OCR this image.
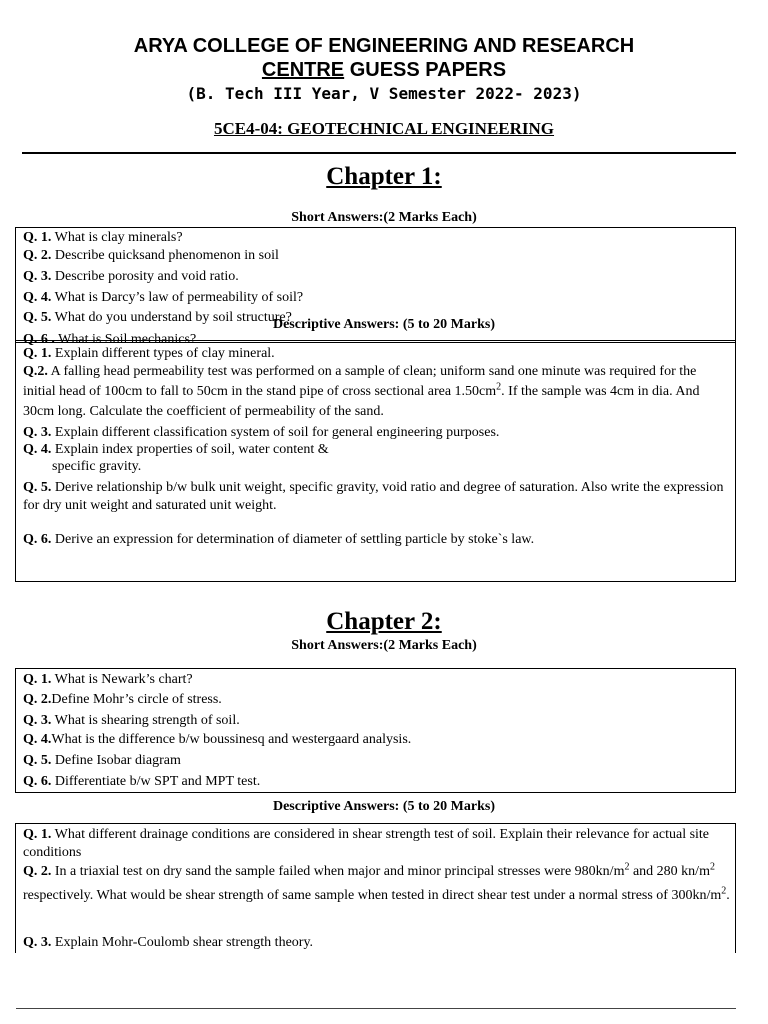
ARYA COLLEGE OF ENGINEERING AND RESEARCH
CENTRE GUESS PAPERS
(B. Tech III Year, V Semester 2022- 2023)
5CE4-04: GEOTECHNICAL ENGINEERING
Chapter 1:
Short Answers:(2 Marks Each)
Q. 1. What is clay minerals?
Q. 2. Describe quicksand phenomenon in soil
Q. 3. Describe porosity and void ratio.
Q. 4. What is Darcy’s law of permeability of soil?
Q. 5. What do you understand by soil structure?
Q. 6 . What is Soil mechanics?
Descriptive Answers: (5 to 20 Marks)
Q. 1. Explain different types of clay mineral.
Q.2. A falling head permeability test was performed on a sample of clean; uniform sand one minute was required for the initial head of 100cm to fall to 50cm in the stand pipe of cross sectional area $1.50cm^2$. If the sample was 4cm in dia. And 30cm long. Calculate the coefficient of permeability of the sand.
Q. 3. Explain different classification system of soil for general engineering purposes.
Q. 4. Explain index properties of soil, water content &
specific gravity.
Q. 5. Derive relationship b/w bulk unit weight, specific gravity, void ratio and degree of saturation. Also write the expression for dry unit weight and saturated unit weight.
Q. 6. Derive an expression for determination of diameter of settling particle by stoke`s law.
Chapter 2:
Short Answers:(2 Marks Each)
Q. 1. What is Newark’s chart?
Q. 2.Define Mohr’s circle of stress.
Q. 3. What is shearing strength of soil.
Q. 4.What is the difference b/w boussinesq and westergaard analysis.
Q. 5. Define Isobar diagram
Q. 6. Differentiate b/w SPT and MPT test.
Descriptive Answers: (5 to 20 Marks)
Q. 1. What different drainage conditions are considered in shear strength test of soil. Explain their relevance for actual site conditions
Q. 2. In a triaxial test on dry sand the sample failed when major and minor principal stresses were $980kn/m^2$ and 280 $kn/m^2$ respectively. What would be shear strength of same sample when tested in direct shear test under a normal stress of $300kn/m^2$.
Q. 3. Explain Mohr-Coulomb shear strength theory.
